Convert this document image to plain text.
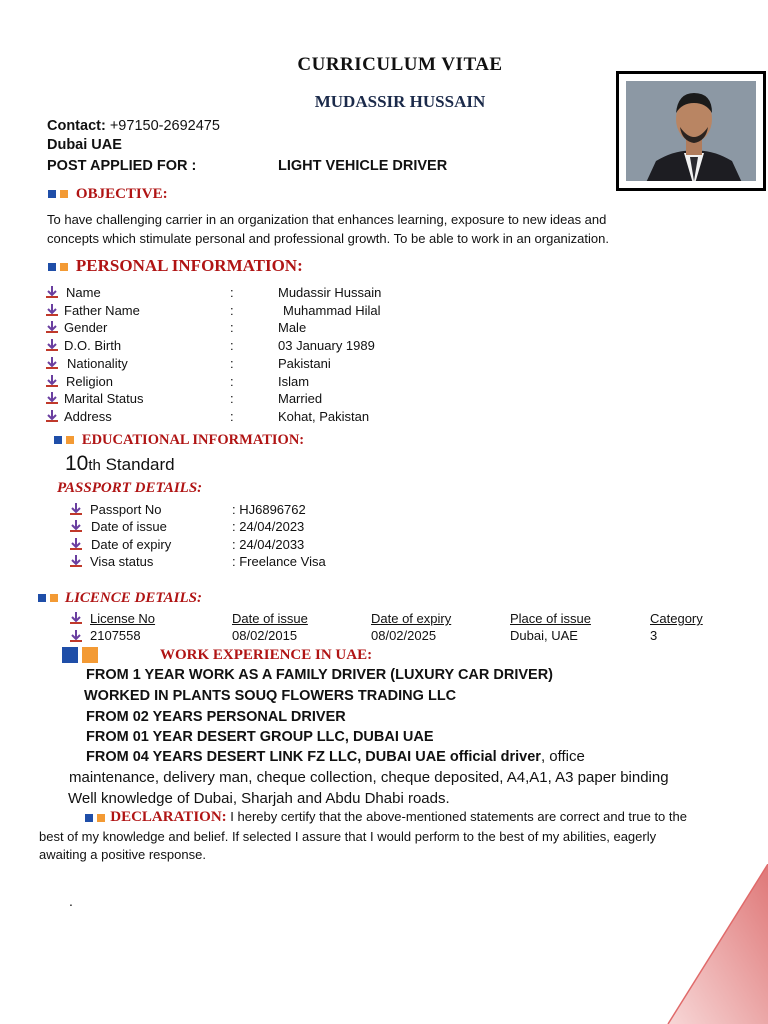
CURRICULUM VITAE
MUDASSIR HUSSAIN
Contact: +97150-2692475
Dubai UAE
POST APPLIED FOR :	LIGHT VEHICLE DRIVER
OBJECTIVE:
To have challenging carrier in an organization that enhances learning, exposure to new ideas and
concepts which stimulate personal and professional growth. To be able to work in an organization.
PERSONAL INFORMATION:
Name	:	Mudassir Hussain
Father Name	:	Muhammad Hilal
Gender	:	Male
D.O. Birth	:	03 January 1989
Nationality	:	Pakistani
Religion	:	Islam
Marital Status	:	Married
Address	:	Kohat, Pakistan
EDUCATIONAL INFORMATION:
10th Standard
PASSPORT DETAILS:
Passport No	: HJ6896762
Date of issue	: 24/04/2023
Date of expiry	: 24/04/2033
Visa status	: Freelance Visa
LICENCE DETAILS:
License No	Date of issue	Date of expiry	Place of issue	Category
2107558	08/02/2015	08/02/2025	Dubai, UAE	3
WORK EXPERIENCE IN UAE:
FROM 1 YEAR WORK AS A FAMILY DRIVER (LUXURY CAR DRIVER)
WORKED IN PLANTS SOUQ FLOWERS TRADING LLC
FROM 02 YEARS PERSONAL DRIVER
FROM 01 YEAR DESERT GROUP LLC, DUBAI UAE
FROM 04 YEARS DESERT LINK FZ LLC, DUBAI UAE official driver, office
maintenance, delivery man, cheque collection, cheque deposited, A4,A1, A3 paper binding
Well knowledge of Dubai, Sharjah and Abdu Dhabi roads.
DECLARATION: I hereby certify that the above-mentioned statements are correct and true to the
best of my knowledge and belief. If selected I assure that I would perform to the best of my abilities, eagerly
awaiting a positive response.
.
